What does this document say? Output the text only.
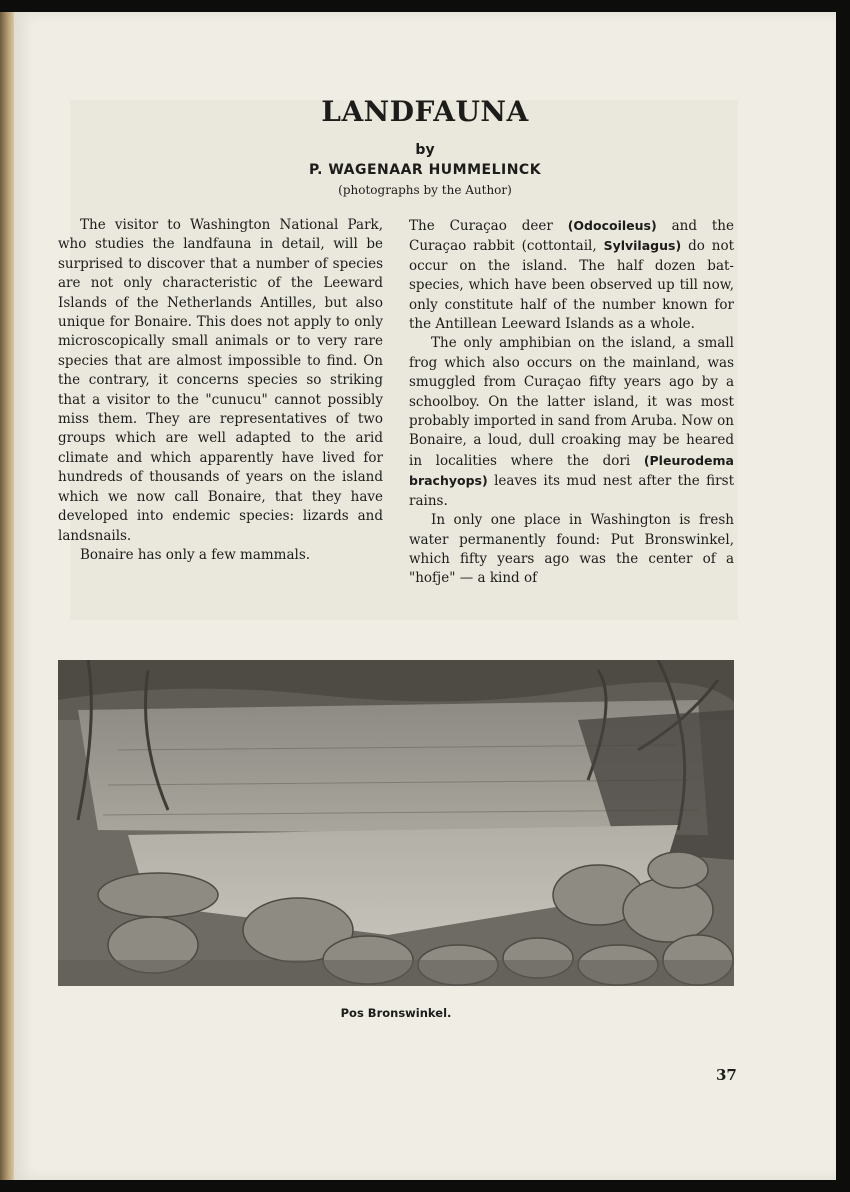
LANDFAUNA
by
P. WAGENAAR HUMMELINCK
(photographs by the Author)

The visitor to Washington National Park, who studies the landfauna in detail, will be surprised to discover that a number of species are not only characteristic of the Leeward Islands of the Netherlands Antilles, but also unique for Bonaire. This does not apply to only microscopically small animals or to very rare species that are almost impossible to find. On the contrary, it concerns species so striking that a visitor to the "cunucu" cannot possibly miss them. They are representatives of two groups which are well adapted to the arid climate and which apparently have lived for hundreds of thousands of years on the island which we now call Bonaire, that they have developed into endemic species: lizards and landsnails.

Bonaire has only a few mammals.

The Curaçao deer (Odocoileus) and the Curaçao rabbit (cottontail, Sylvilagus) do not occur on the island. The half dozen bat-species, which have been observed up till now, only constitute half of the number known for the Antillean Leeward Islands as a whole.

The only amphibian on the island, a small frog which also occurs on the mainland, was smuggled from Curaçao fifty years ago by a schoolboy. On the latter island, it was most probably imported in sand from Aruba. Now on Bonaire, a loud, dull croaking may be heared in localities where the dori (Pleurodema brachyops) leaves its mud nest after the first rains.

In only one place in Washington is fresh water permanently found: Put Bronswinkel, which fifty years ago was the center of a "hofje" — a kind of

Pos Bronswinkel.
37
